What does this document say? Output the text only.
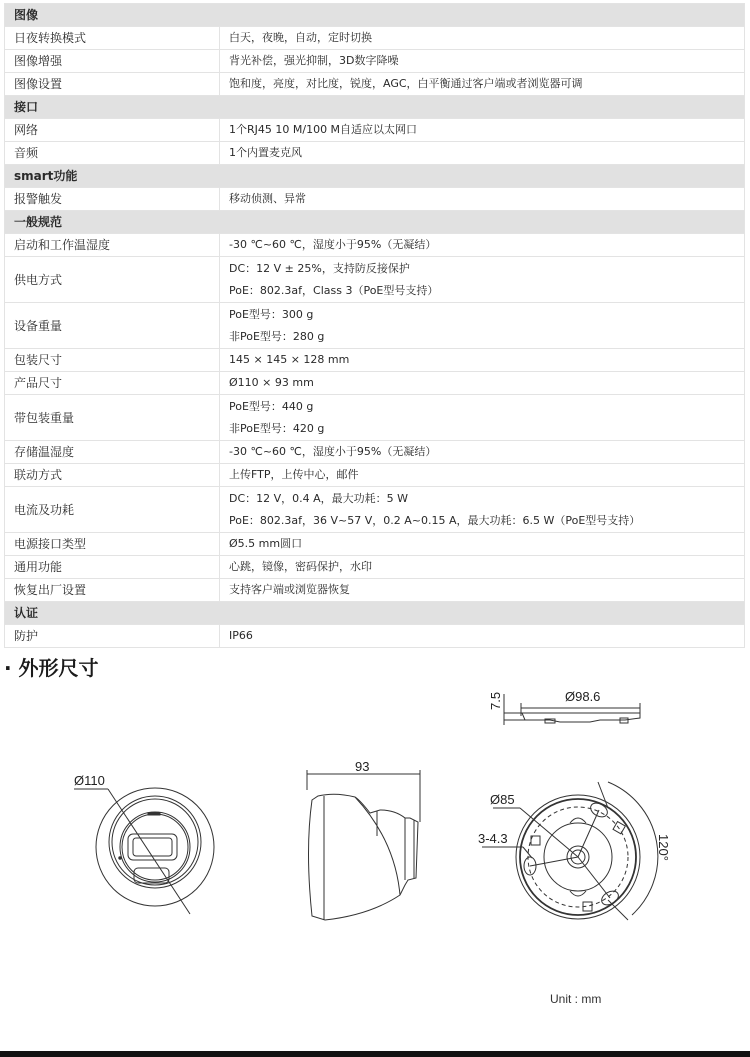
图像	
日夜转换模式	白天，夜晚，自动，定时切换

图像增强	背光补偿，强光抑制，3D数字降噪

图像设置	饱和度，亮度，对比度，锐度，AGC，白平衡通过客户端或者浏览器可调

接口	
网络	1个RJ45 10 M/100 M自适应以太网口

音频	1个内置麦克风

smart功能	
报警触发	移动侦测、异常

一般规范	
启动和工作温湿度	-30 ℃~60 ℃，湿度小于95%（无凝结）

供电方式	DC：12 V ± 25%，支持防反接保护
PoE：802.3af，Class 3（PoE型号支持）

设备重量	PoE型号：300 g
非PoE型号：280 g

包装尺寸	145 × 145 × 128 mm

产品尺寸	Ø110 × 93 mm

带包装重量	PoE型号：440 g
非PoE型号：420 g

存储温湿度	-30 ℃~60 ℃，湿度小于95%（无凝结）

联动方式	上传FTP，上传中心，邮件

电流及功耗	DC：12 V，0.4 A，最大功耗：5 W
PoE：802.3af，36 V~57 V，0.2 A~0.15 A，最大功耗：6.5 W（PoE型号支持）

电源接口类型	Ø5.5 mm圆口

通用功能	心跳，镜像，密码保护，水印

恢复出厂设置	支持客户端或浏览器恢复

认证	
防护	IP66
· 外形尺寸
Ø98.6
7.5
Ø110
93
Ø85
3-4.3	120°
Unit : mm
